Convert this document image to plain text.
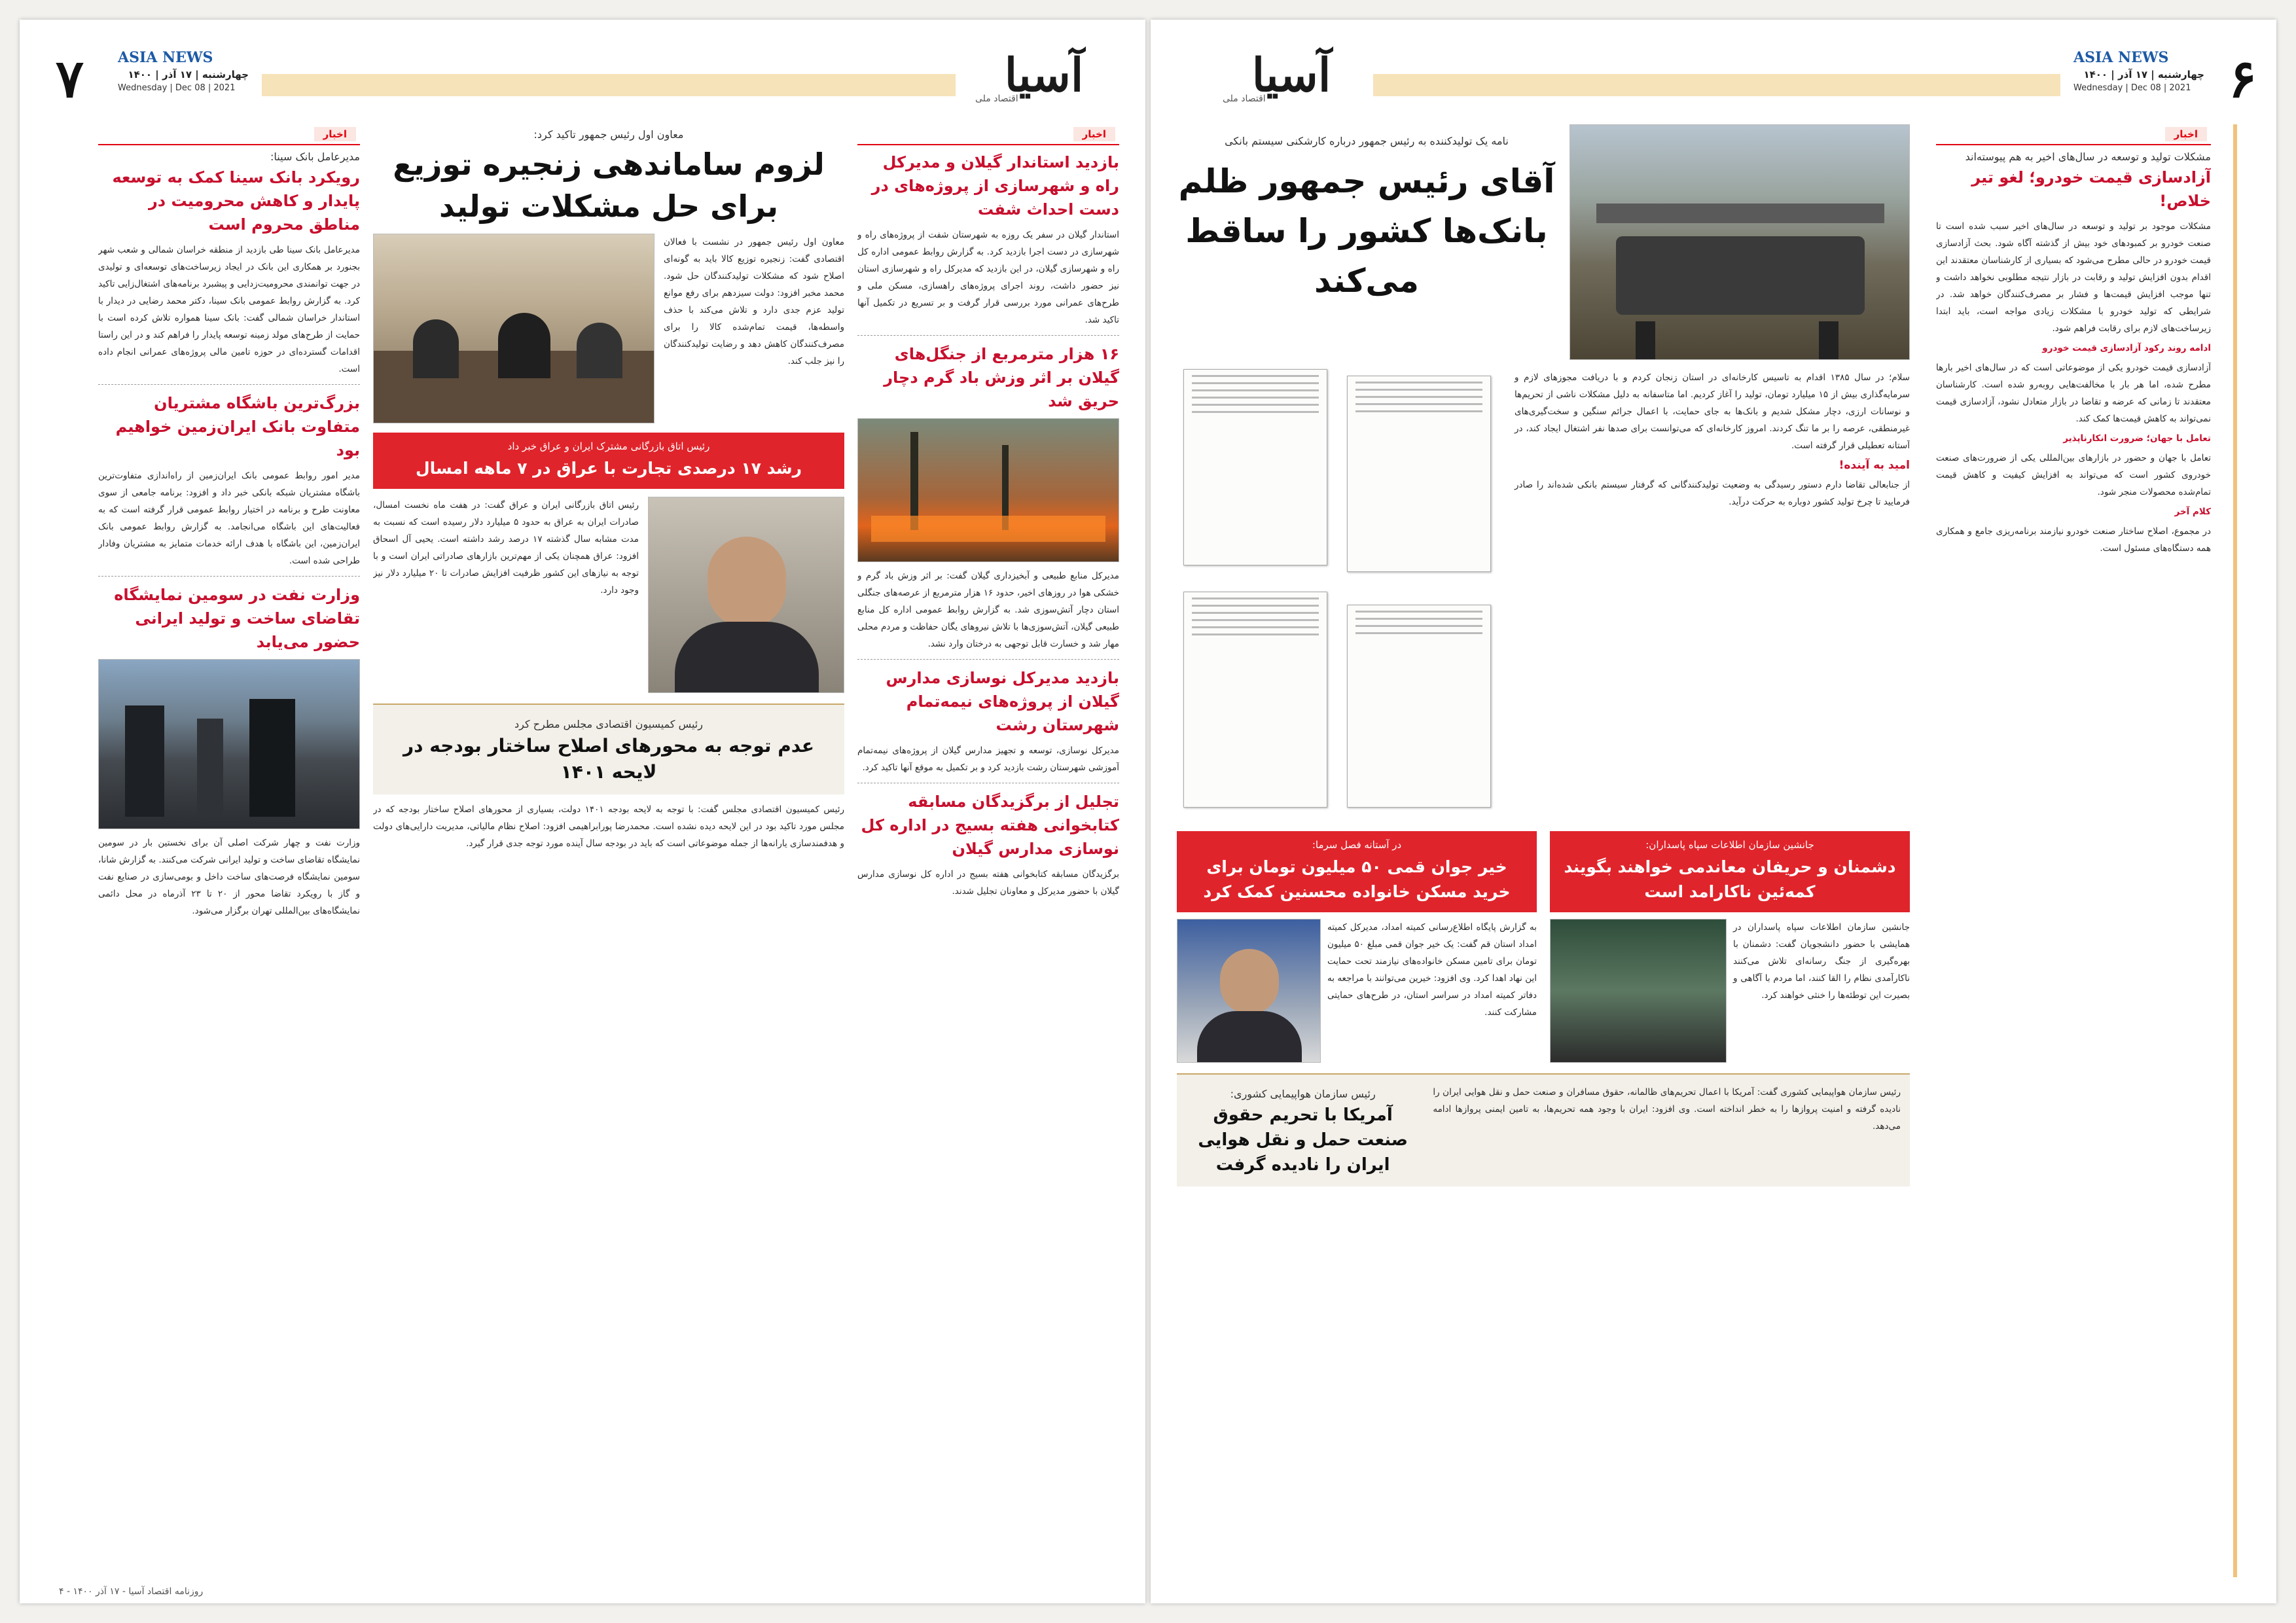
۷ ASIA NEWS
چهارشنبه | ۱۷ آذر | ۱۴۰۰
Wednesday | Dec 08 | 2021	آسیا
اقتصاد ملی
اخبار
مدیرعامل بانک سینا:
رویکرد بانک سینا کمک به توسعه پایدار و کاهش محرومیت در مناطق محروم است

مدیرعامل بانک سینا طی بازدید از منطقه خراسان شمالی و شعب شهر بجنورد بر همکاری این بانک در ایجاد زیرساخت‌های توسعه‌ای و تولیدی در جهت توانمندی محرومیت‌زدایی و پیشبرد برنامه‌های اشتغال‌زایی تاکید کرد. به گزارش روابط عمومی بانک سینا، دکتر محمد رضایی در دیدار با استاندار خراسان شمالی گفت: بانک سینا همواره تلاش کرده است با حمایت از طرح‌های مولد زمینه توسعه پایدار را فراهم کند و در این راستا اقدامات گسترده‌ای در حوزه تامین مالی پروژه‌های عمرانی انجام داده است.

بزرگ‌ترین باشگاه مشتریان متفاوت بانک ایران‌زمین خواهیم بود

مدیر امور روابط عمومی بانک ایران‌زمین از راه‌اندازی متفاوت‌ترین باشگاه مشتریان شبکه بانکی خبر داد و افزود: برنامه جامعی از سوی معاونت طرح و برنامه در اختیار روابط عمومی قرار گرفته است که به فعالیت‌های این باشگاه می‌انجامد. به گزارش روابط عمومی بانک ایران‌زمین، این باشگاه با هدف ارائه خدمات متمایز به مشتریان وفادار طراحی شده است.

وزارت نفت در سومین نمایشگاه تقاضای ساخت و تولید ایرانی حضور می‌یابد

وزارت نفت و چهار شرکت اصلی آن برای نخستین بار در سومین نمایشگاه تقاضای ساخت و تولید ایرانی شرکت می‌کنند. به گزارش شانا، سومین نمایشگاه فرصت‌های ساخت داخل و بومی‌سازی در صنایع نفت و گاز با رویکرد تقاضا محور از ۲۰ تا ۲۳ آذرماه در محل دائمی نمایشگاه‌های بین‌المللی تهران برگزار می‌شود.

معاون اول رئیس جمهور تاکید کرد:
لزوم ساماندهی زنجیره توزیع برای حل مشکلات تولید

معاون اول رئیس جمهور در نشست با فعالان اقتصادی گفت: زنجیره توزیع کالا باید به گونه‌ای اصلاح شود که مشکلات تولیدکنندگان حل شود. محمد مخبر افزود: دولت سیزدهم برای رفع موانع تولید عزم جدی دارد و تلاش می‌کند با حذف واسطه‌ها، قیمت تمام‌شده کالا را برای مصرف‌کنندگان کاهش دهد و رضایت تولیدکنندگان را نیز جلب کند.

رئیس اتاق بازرگانی مشترک ایران و عراق خبر داد
رشد ۱۷ درصدی تجارت با عراق در ۷ ماهه امسال

رئیس اتاق بازرگانی ایران و عراق گفت: در هفت ماه نخست امسال، صادرات ایران به عراق به حدود ۵ میلیارد دلار رسیده است که نسبت به مدت مشابه سال گذشته ۱۷ درصد رشد داشته است. یحیی آل اسحاق افزود: عراق همچنان یکی از مهم‌ترین بازارهای صادراتی ایران است و با توجه به نیازهای این کشور ظرفیت افزایش صادرات تا ۲۰ میلیارد دلار نیز وجود دارد.

رئیس کمیسیون اقتصادی مجلس مطرح کرد
عدم توجه به محورهای اصلاح ساختار بودجه در لایحه ۱۴۰۱

رئیس کمیسیون اقتصادی مجلس گفت: با توجه به لایحه بودجه ۱۴۰۱ دولت، بسیاری از محورهای اصلاح ساختار بودجه که در مجلس مورد تاکید بود در این لایحه دیده نشده است. محمدرضا پورابراهیمی افزود: اصلاح نظام مالیاتی، مدیریت دارایی‌های دولت و هدفمندسازی یارانه‌ها از جمله موضوعاتی است که باید در بودجه سال آینده مورد توجه جدی قرار گیرد.

اخبار
بازدید استاندار گیلان و مدیرکل راه و شهرسازی از پروژه‌های در دست احداث شفت

استاندار گیلان در سفر یک روزه به شهرستان شفت از پروژه‌های راه و شهرسازی در دست اجرا بازدید کرد. به گزارش روابط عمومی اداره کل راه و شهرسازی گیلان، در این بازدید که مدیرکل راه و شهرسازی استان نیز حضور داشت، روند اجرای پروژه‌های راهسازی، مسکن ملی و طرح‌های عمرانی مورد بررسی قرار گرفت و بر تسریع در تکمیل آنها تاکید شد.

۱۶ هزار مترمربع از جنگل‌های گیلان بر اثر وزش باد گرم دچار حریق شد

مدیرکل منابع طبیعی و آبخیزداری گیلان گفت: بر اثر وزش باد گرم و خشکی هوا در روزهای اخیر، حدود ۱۶ هزار مترمربع از عرصه‌های جنگلی استان دچار آتش‌سوزی شد. به گزارش روابط عمومی اداره کل منابع طبیعی گیلان، آتش‌سوزی‌ها با تلاش نیروهای یگان حفاظت و مردم محلی مهار شد و خسارت قابل توجهی به درختان وارد نشد.

بازدید مدیرکل نوسازی مدارس گیلان از پروژه‌های نیمه‌تمام شهرستان رشت

مدیرکل نوسازی، توسعه و تجهیز مدارس گیلان از پروژه‌های نیمه‌تمام آموزشی شهرستان رشت بازدید کرد و بر تکمیل به موقع آنها تاکید کرد.

تجلیل از برگزیدگان مسابقه کتابخوانی هفته بسیج در اداره کل نوسازی مدارس گیلان

برگزیدگان مسابقه کتابخوانی هفته بسیج در اداره کل نوسازی مدارس گیلان با حضور مدیرکل و معاونان تجلیل شدند.

روزنامه اقتصاد آسیا - ۱۷ آذر ۱۴۰۰ - ۴
آسیا
اقتصاد ملی
ASIA NEWS
چهارشنبه | ۱۷ آذر | ۱۴۰۰
Wednesday | Dec 08 | 2021 ۶
نامه یک تولیدکننده به رئیس جمهور درباره کارشکنی سیستم بانکی
آقای رئیس جمهور ظلم بانک‌ها کشور را ساقط می‌کند

سلام؛ در سال ۱۳۸۵ اقدام به تاسیس کارخانه‌ای در استان زنجان کردم و با دریافت مجوزهای لازم و سرمایه‌گذاری بیش از ۱۵ میلیارد تومان، تولید را آغاز کردیم. اما متاسفانه به دلیل مشکلات ناشی از تحریم‌ها و نوسانات ارزی، دچار مشکل شدیم و بانک‌ها به جای حمایت، با اعمال جرائم سنگین و سخت‌گیری‌های غیرمنطقی، عرصه را بر ما تنگ کردند. امروز کارخانه‌ای که می‌توانست برای صدها نفر اشتغال ایجاد کند، در آستانه تعطیلی قرار گرفته است.

امید به آینده!

از جنابعالی تقاضا دارم دستور رسیدگی به وضعیت تولیدکنندگانی که گرفتار سیستم بانکی شده‌اند را صادر فرمایید تا چرخ تولید کشور دوباره به حرکت درآید.

جانشین سازمان اطلاعات سپاه پاسداران:
دشمنان و حریفان معاندمی خواهند بگویند کمه‌ئین ناکارامد است

جانشین سازمان اطلاعات سپاه پاسداران در همایشی با حضور دانشجویان گفت: دشمنان با بهره‌گیری از جنگ رسانه‌ای تلاش می‌کنند ناکارآمدی نظام را القا کنند، اما مردم با آگاهی و بصیرت این توطئه‌ها را خنثی خواهند کرد.

در آستانه فصل سرما:
خیر جوان قمی ۵۰ میلیون تومان برای خرید مسکن خانواده محسنین کمک کرد

به گزارش پایگاه اطلاع‌رسانی کمیته امداد، مدیرکل کمیته امداد استان قم گفت: یک خیر جوان قمی مبلغ ۵۰ میلیون تومان برای تامین مسکن خانواده‌های نیازمند تحت حمایت این نهاد اهدا کرد. وی افزود: خیرین می‌توانند با مراجعه به دفاتر کمیته امداد در سراسر استان، در طرح‌های حمایتی مشارکت کنند.

رئیس سازمان هواپیمایی کشوری گفت: آمریکا با اعمال تحریم‌های ظالمانه، حقوق مسافران و صنعت حمل و نقل هوایی ایران را نادیده گرفته و امنیت پروازها را به خطر انداخته است. وی افزود: ایران با وجود همه تحریم‌ها، به تامین ایمنی پروازها ادامه می‌دهد.

رئیس سازمان هواپیمایی کشوری:
آمریکا با تحریم حقوق صنعت حمل و نقل هوایی ایران را نادیده گرفت
اخبار
مشکلات تولید و توسعه در سال‌های اخیر به‌ هم پیوسته‌اند
آزادسازی قیمت خودرو؛ لغو تیر خلاص!

مشکلات موجود بر تولید و توسعه در سال‌های اخیر سبب شده است تا صنعت خودرو بر کمبودهای خود بیش از گذشته آگاه شود. بحث آزادسازی قیمت خودرو در حالی مطرح می‌شود که بسیاری از کارشناسان معتقدند این اقدام بدون افزایش تولید و رقابت در بازار نتیجه مطلوبی نخواهد داشت و تنها موجب افزایش قیمت‌ها و فشار بر مصرف‌کنندگان خواهد شد. در شرایطی که تولید خودرو با مشکلات زیادی مواجه است، باید ابتدا زیرساخت‌های لازم برای رقابت فراهم شود.

ادامه روند رکود آزادسازی قیمت خودرو

آزادسازی قیمت خودرو یکی از موضوعاتی است که در سال‌های اخیر بارها مطرح شده، اما هر بار با مخالفت‌هایی روبه‌رو شده است. کارشناسان معتقدند تا زمانی که عرضه و تقاضا در بازار متعادل نشود، آزادسازی قیمت نمی‌تواند به کاهش قیمت‌ها کمک کند.

تعامل با جهان؛ ضرورت انکارناپذیر

تعامل با جهان و حضور در بازارهای بین‌المللی یکی از ضرورت‌های صنعت خودروی کشور است که می‌تواند به افزایش کیفیت و کاهش قیمت تمام‌شده محصولات منجر شود.

کلام آخر

در مجموع، اصلاح ساختار صنعت خودرو نیازمند برنامه‌ریزی جامع و همکاری همه دستگاه‌های مسئول است.
